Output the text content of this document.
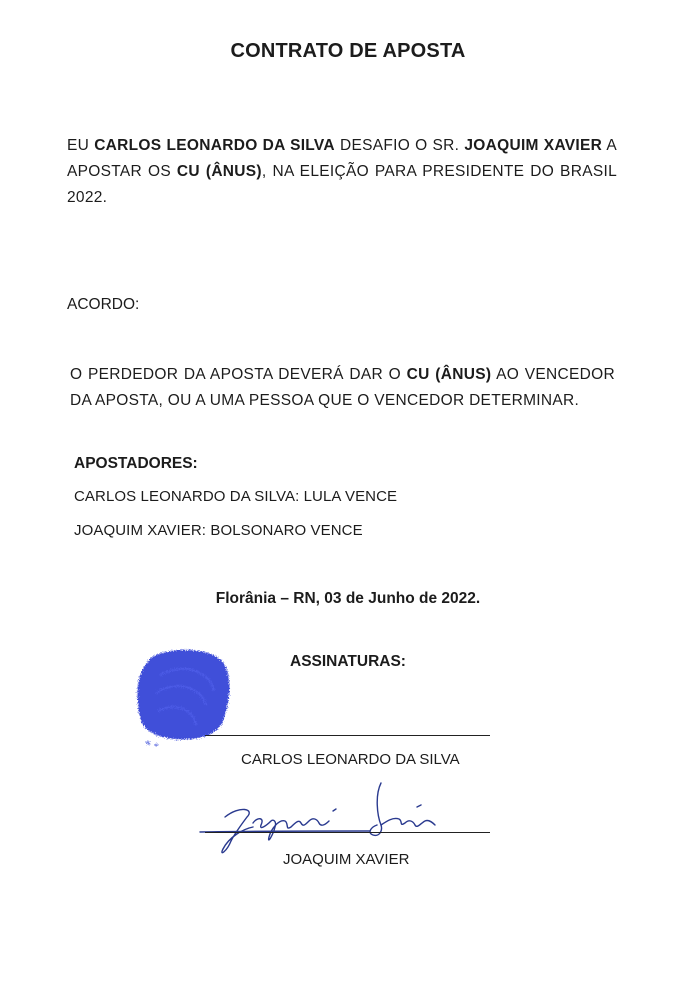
CONTRATO DE APOSTA
EU CARLOS LEONARDO DA SILVA DESAFIO O SR. JOAQUIM XAVIER A APOSTAR OS CU (ÂNUS), NA ELEIÇÃO PARA PRESIDENTE DO BRASIL 2022.
ACORDO:
O PERDEDOR DA APOSTA DEVERÁ DAR O CU (ÂNUS) AO VENCEDOR DA APOSTA, OU A UMA PESSOA QUE O VENCEDOR DETERMINAR.
APOSTADORES:
CARLOS LEONARDO DA SILVA: LULA VENCE
JOAQUIM XAVIER: BOLSONARO VENCE
Florânia – RN, 03 de Junho de 2022.
ASSINATURAS:
CARLOS LEONARDO DA SILVA
JOAQUIM XAVIER
